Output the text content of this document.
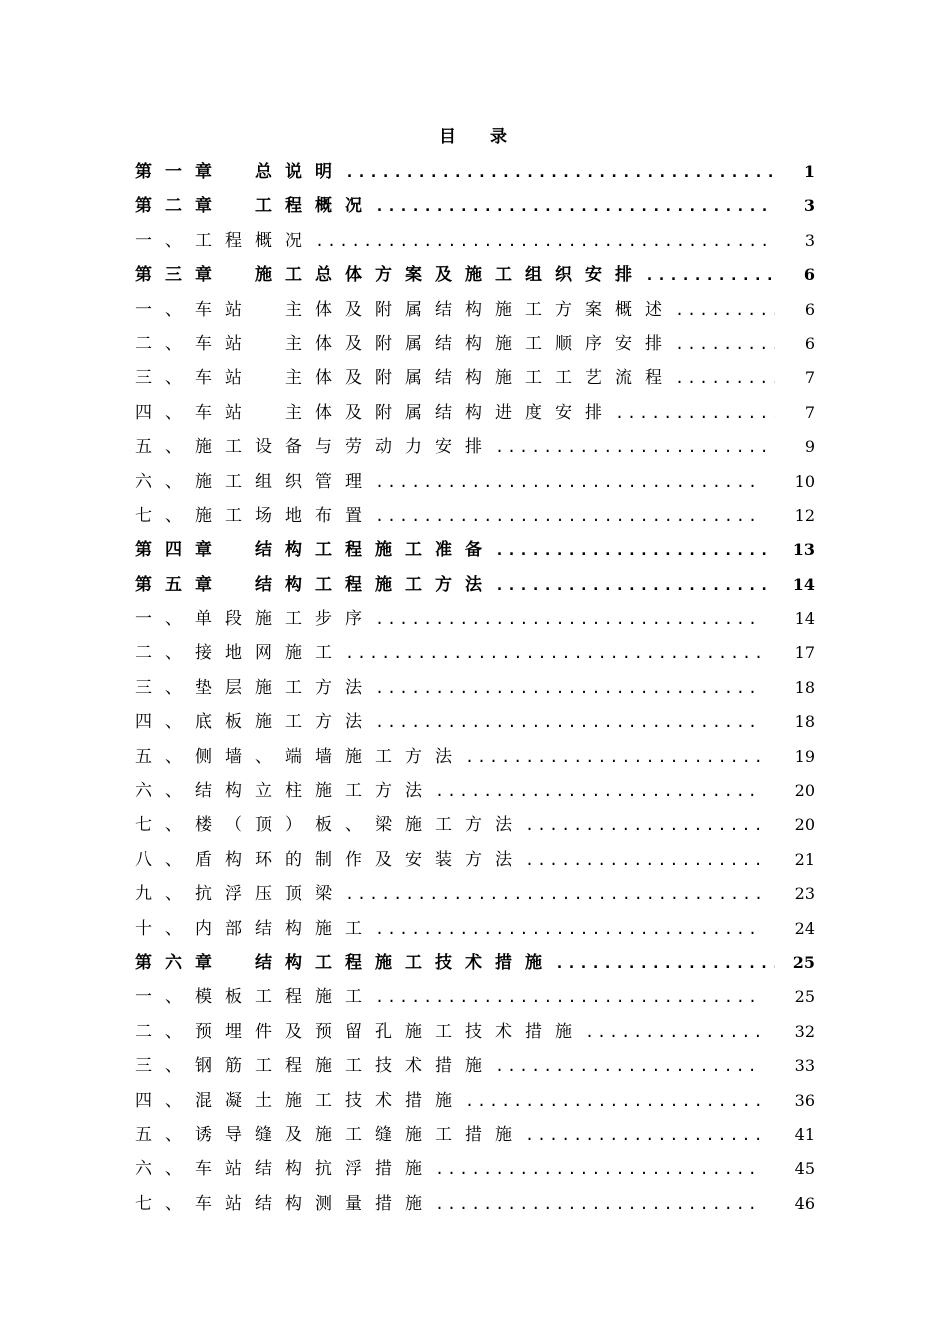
目 录
第一章　总说明 .....	1
第二章　工程概况 .....	3
一、工程概况 .....	3
第三章　施工总体方案及施工组织安排 .....	6
一、车站　主体及附属结构施工方案概述 .....	6
二、车站　主体及附属结构施工顺序安排 .....	6
三、车站　主体及附属结构施工工艺流程 .....	7
四、车站　主体及附属结构进度安排 .....	7
五、施工设备与劳动力安排 .....	9
六、施工组织管理 .....	10
七、施工场地布置 .....	12
第四章　结构工程施工准备 .....	13
第五章　结构工程施工方法 .....	14
一、单段施工步序 .....	14
二、接地网施工 .....	17
三、垫层施工方法 .....	18
四、底板施工方法 .....	18
五、侧墙、端墙施工方法 .....	19
六、结构立柱施工方法 .....	20
七、楼（顶）板、梁施工方法 .....	20
八、盾构环的制作及安装方法 .....	21
九、抗浮压顶梁 .....	23
十、内部结构施工 .....	24
第六章　结构工程施工技术措施 .....	25
一、模板工程施工 .....	25
二、预埋件及预留孔施工技术措施 .....	32
三、钢筋工程施工技术措施 .....	33
四、混凝土施工技术措施 .....	36
五、诱导缝及施工缝施工措施 .....	41
六、车站结构抗浮措施 .....	45
七、车站结构测量措施 .....	46
